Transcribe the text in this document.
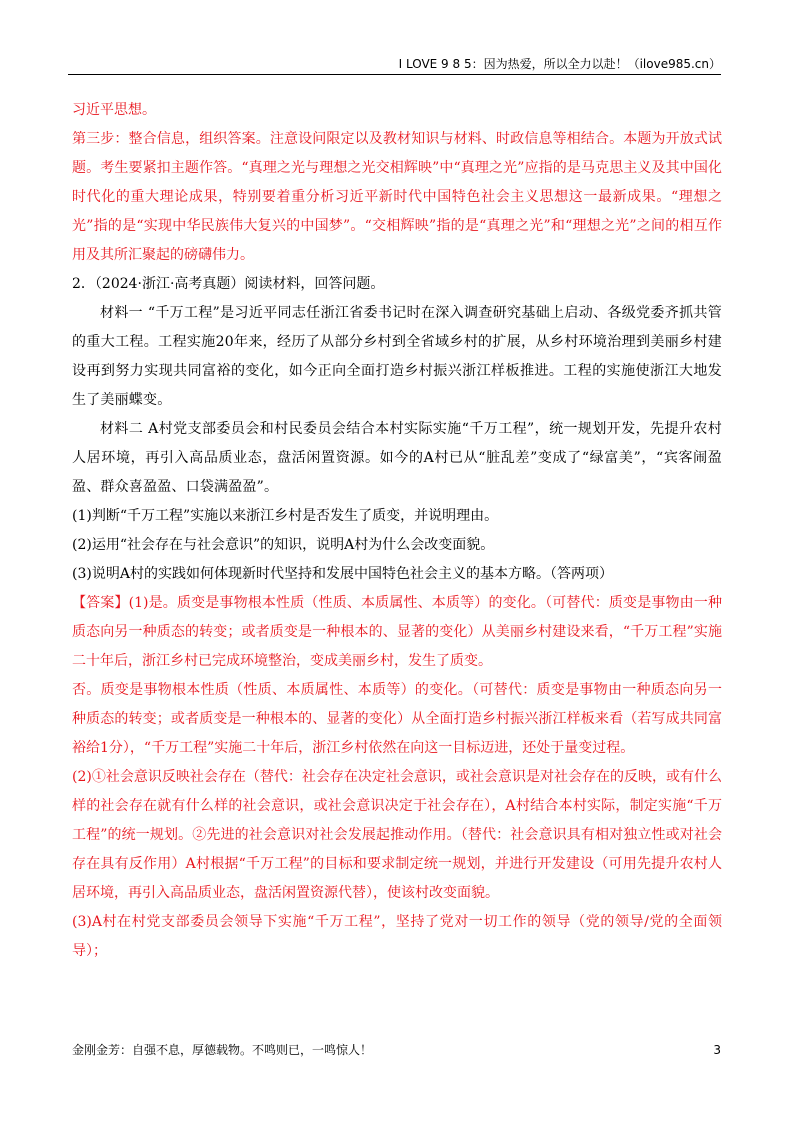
I LOVE 9 8 5：因为热爱，所以全力以赴！（ilove985.cn）

习近平思想。

第三步：整合信息，组织答案。注意设问限定以及教材知识与材料、时政信息等相结合。本题为开放式试题。考生要紧扣主题作答。“真理之光与理想之光交相辉映”中“真理之光”应指的是马克思主义及其中国化时代化的重大理论成果，特别要着重分析习近平新时代中国特色社会主义思想这一最新成果。“理想之光”指的是“实现中华民族伟大复兴的中国梦”。“交相辉映”指的是“真理之光”和“理想之光”之间的相互作用及其所汇聚起的磅礴伟力。

2．（2024·浙江·高考真题）阅读材料，回答问题。

材料一 “千万工程”是习近平同志任浙江省委书记时在深入调查研究基础上启动、各级党委齐抓共管的重大工程。工程实施20年来，经历了从部分乡村到全省域乡村的扩展，从乡村环境治理到美丽乡村建设再到努力实现共同富裕的变化，如今正向全面打造乡村振兴浙江样板推进。工程的实施使浙江大地发生了美丽蝶变。

材料二 A村党支部委员会和村民委员会结合本村实际实施“千万工程”，统一规划开发，先提升农村人居环境，再引入高品质业态，盘活闲置资源。如今的A村已从“脏乱差”变成了“绿富美”，“宾客闹盈盈、群众喜盈盈、口袋满盈盈”。

(1)判断“千万工程”实施以来浙江乡村是否发生了质变，并说明理由。

(2)运用“社会存在与社会意识”的知识，说明A村为什么会改变面貌。

(3)说明A村的实践如何体现新时代坚持和发展中国特色社会主义的基本方略。（答两项）

【答案】(1)是。质变是事物根本性质（性质、本质属性、本质等）的变化。（可替代：质变是事物由一种质态向另一种质态的转变；或者质变是一种根本的、显著的变化）从美丽乡村建设来看，“千万工程”实施二十年后，浙江乡村已完成环境整治，变成美丽乡村，发生了质变。

否。质变是事物根本性质（性质、本质属性、本质等）的变化。（可替代：质变是事物由一种质态向另一种质态的转变；或者质变是一种根本的、显著的变化）从全面打造乡村振兴浙江样板来看（若写成共同富裕给1分），“千万工程”实施二十年后，浙江乡村依然在向这一目标迈进，还处于量变过程。

(2)①社会意识反映社会存在（替代：社会存在决定社会意识，或社会意识是对社会存在的反映，或有什么样的社会存在就有什么样的社会意识，或社会意识决定于社会存在），A村结合本村实际，制定实施“千万工程”的统一规划。②先进的社会意识对社会发展起推动作用。（替代：社会意识具有相对独立性或对社会存在具有反作用）A村根据“千万工程”的目标和要求制定统一规划，并进行开发建设（可用先提升农村人居环境，再引入高品质业态，盘活闲置资源代替），使该村改变面貌。

(3)A村在村党支部委员会领导下实施“千万工程”，坚持了党对一切工作的领导（党的领导/党的全面领导）；

金刚金芳：自强不息，厚德载物。不鸣则已，一鸣惊人！	3
